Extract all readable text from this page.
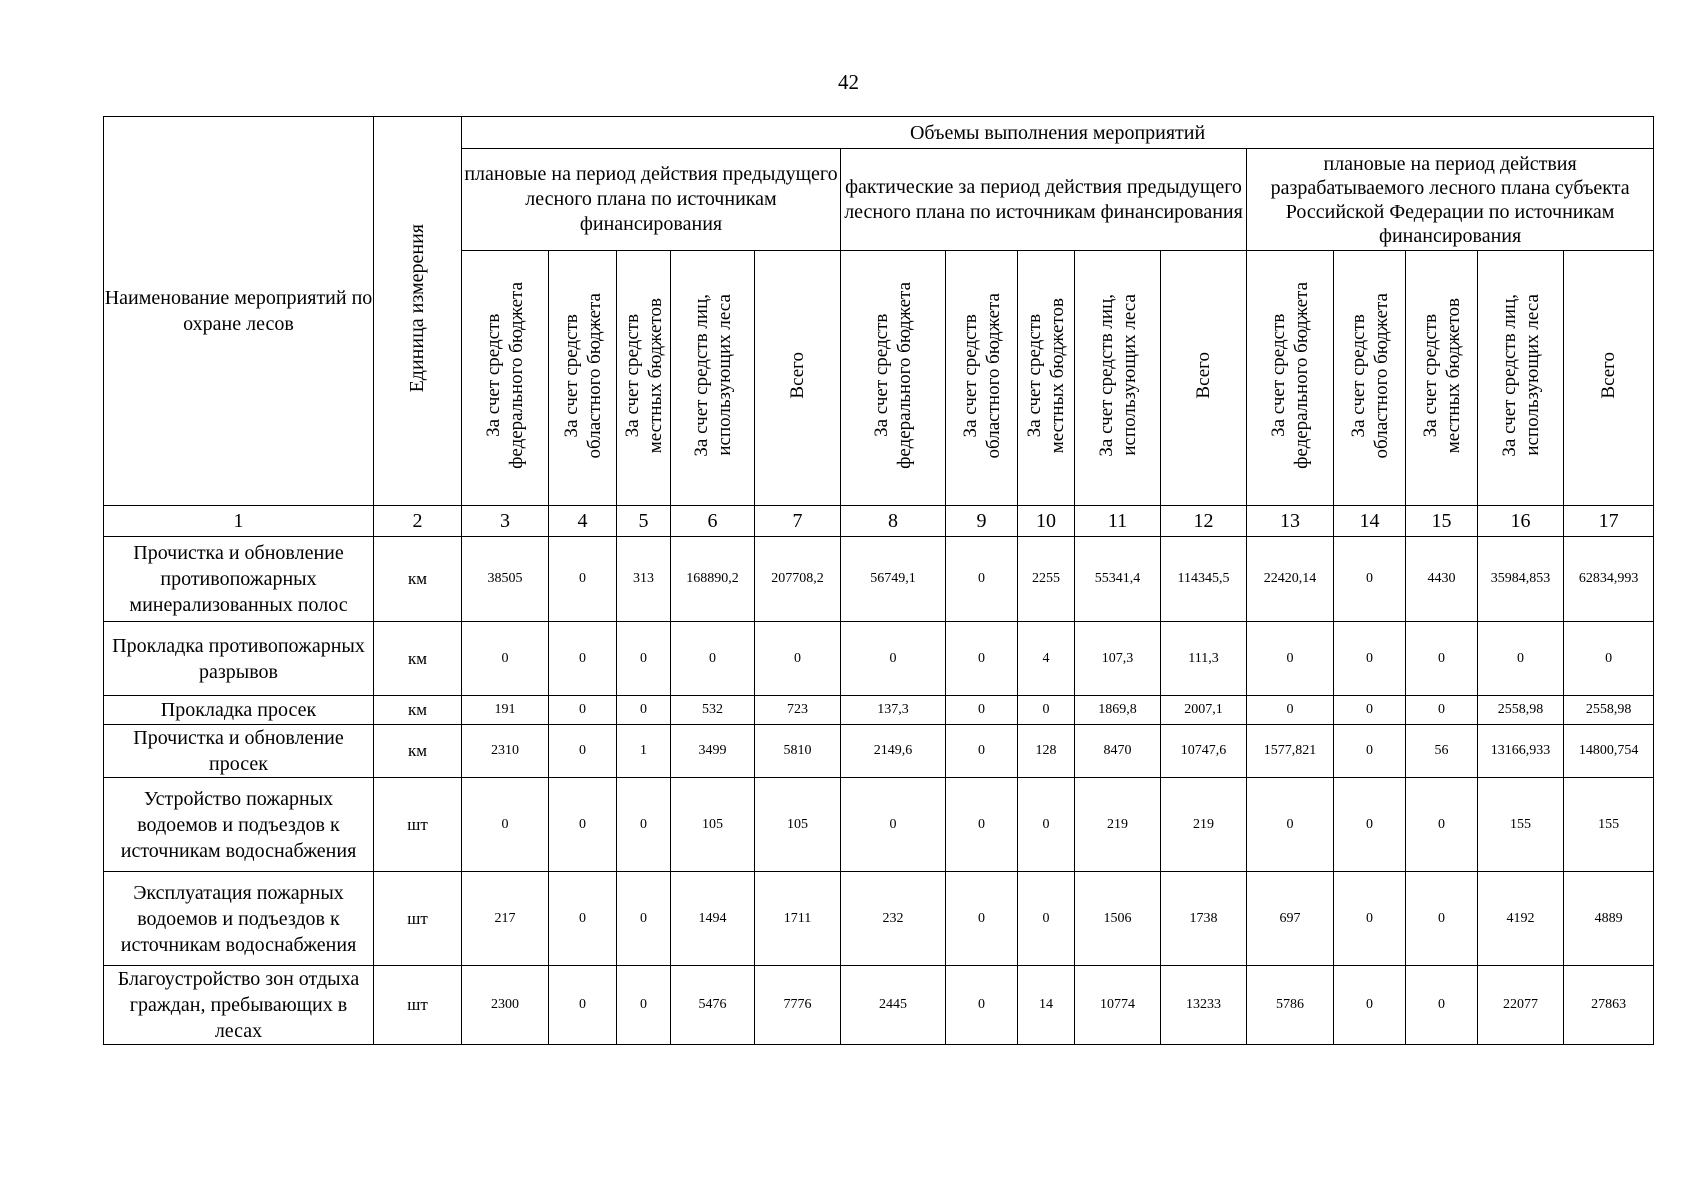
42
Наименование мероприятий по охране лесов	Единица измерения	Объемы выполнения мероприятий														
		плановые на период действия предыдущего лесного плана по источникам финансирования					фактические за период действия предыдущего лесного плана по источникам финансирования					плановые на период действия разрабатываемого лесного плана субъекта Российской Федерации по источникам финансирования				
		За счет средств федерального бюджета	За счет средств областного бюджета	За счет средств местных бюджетов	За счет средств лиц, использующих леса	Всего	За счет средств федерального бюджета	За счет средств областного бюджета	За счет средств местных бюджетов	За счет средств лиц, использующих леса	Всего	За счет средств федерального бюджета	За счет средств областного бюджета	За счет средств местных бюджетов	За счет средств лиц, использующих леса	Всего
1	2	3	4	5	6	7	8	9	10	11	12	13	14	15	16	17
Прочистка и обновление противопожарных минерализованных полос	км	38505	0	313	168890,2	207708,2	56749,1	0	2255	55341,4	114345,5	22420,14	0	4430	35984,853	62834,993
Прокладка противопожарных разрывов	км	0	0	0	0	0	0	0	4	107,3	111,3	0	0	0	0	0
Прокладка просек	км	191	0	0	532	723	137,3	0	0	1869,8	2007,1	0	0	0	2558,98	2558,98
Прочистка и обновление просек	км	2310	0	1	3499	5810	2149,6	0	128	8470	10747,6	1577,821	0	56	13166,933	14800,754
Устройство пожарных водоемов и подъездов к источникам водоснабжения	шт	0	0	0	105	105	0	0	0	219	219	0	0	0	155	155
Эксплуатация пожарных водоемов и подъездов к источникам водоснабжения	шт	217	0	0	1494	1711	232	0	0	1506	1738	697	0	0	4192	4889
Благоустройство зон отдыха граждан, пребывающих в лесах	шт	2300	0	0	5476	7776	2445	0	14	10774	13233	5786	0	0	22077	27863
